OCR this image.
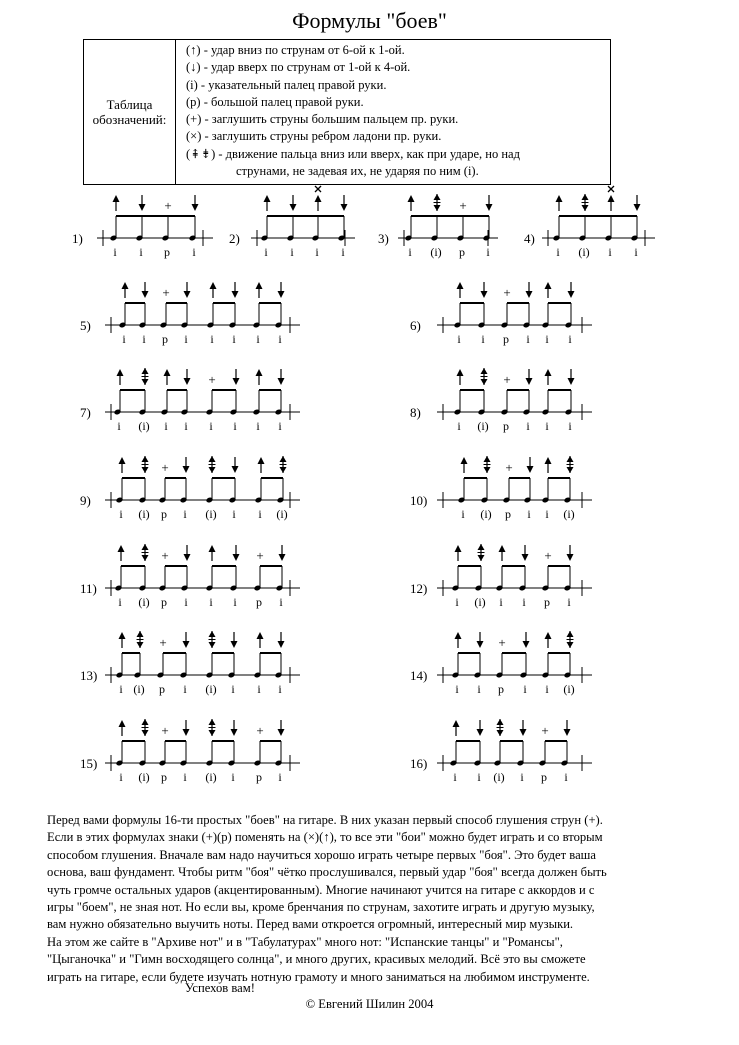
Формулы "боев"
Таблица обозначений:
(↑) - удар вниз по струнам от 6-ой к 1-ой.
(↓) - удар вверх по струнам от 1-ой к 4-ой.
(i) - указательный палец правой руки.
(p) - большой палец правой руки.
(+) - заглушить струны большим пальцем пр. руки.
(×) - заглушить струны ребром ладони пр. руки.
(⇞⇟) - движение пальца вниз или вверх, как при ударе, но над
струнами, не задевая их, не ударяя по ним (i).
1)
+
i i p i
2)
i i i i
3)
+
i (i) p i
4)
i (i) i i
5)
+
i i p i i i i i
6)
+
i i p i i i
7)
+
i (i) i i i i i i
8)
+
i (i) p i i i
9)
+
i (i) p i (i) i i (i)
10)
+
i (i) p i i (i)
11)
+	+
i (i) p i i i p i
12)
+
i (i) i i p i
13)
+
i (i) p i (i) i i i
14)
+
i i p i i (i)
15)
+	+
i (i) p i (i) i p i
16)
+
i i (i) i p i
Перед вами формулы 16-ти простых "боев" на гитаре. В них указан первый способ глушения струн (+).
Если в этих формулах знаки (+)(p) поменять на (×)(↑), то все эти "бои" можно будет играть и со вторым
способом глушения. Вначале вам надо научиться хорошо играть четыре первых "боя". Это будет ваша
основа, ваш фундамент. Чтобы ритм "боя" чётко прослушивался, первый удар "боя" всегда должен быть
чуть громче остальных ударов (акцентированным). Многие начинают учится на гитаре с аккордов и с
игры "боем", не зная нот. Но если вы, кроме бренчания по струнам, захотите играть и другую музыку,
вам нужно обязательно выучить ноты. Перед вами откроется огромный, интересный мир музыки.
На этом же сайте в "Архиве нот" и в "Табулатурах" много нот: "Испанские танцы" и "Романсы",
"Цыганочка" и "Гимн восходящего солнца", и много других, красивых мелодий. Всё это вы сможете
играть на гитаре, если будете изучать нотную грамоту и много заниматься на любимом инструменте.
Успехов вам!
© Евгений Шилин 2004
